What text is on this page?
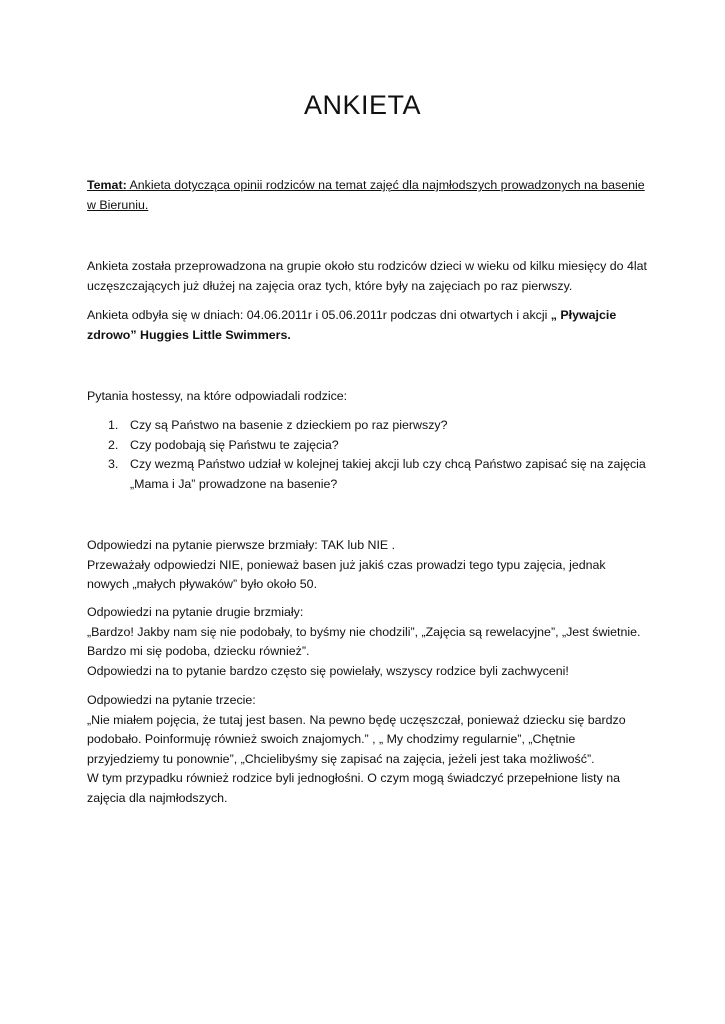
ANKIETA

Temat: Ankieta dotycząca opinii rodziców na temat zajęć dla najmłodszych prowadzonych na basenie w Bieruniu.

Ankieta została przeprowadzona na grupie około stu rodziców dzieci w wieku od kilku miesięcy do 4lat uczęszczających już dłużej na zajęcia oraz tych, które były na zajęciach po raz pierwszy.

Ankieta odbyła się w dniach: 04.06.2011r i 05.06.2011r podczas dni otwartych i akcji „ Pływajcie zdrowo” Huggies Little Swimmers.

Pytania hostessy, na które odpowiadali rodzice:

1. Czy są Państwo na basenie z dzieckiem po raz pierwszy?
2. Czy podobają się Państwu te zajęcia?
3. Czy wezmą Państwo udział w kolejnej takiej akcji lub czy chcą Państwo zapisać się na zajęcia „Mama i Ja” prowadzone na basenie?
Odpowiedzi na pytanie pierwsze brzmiały: TAK lub NIE .
Przeważały odpowiedzi NIE, ponieważ basen już jakiś czas prowadzi tego typu zajęcia, jednak nowych „małych pływaków” było około 50.
Odpowiedzi na pytanie drugie brzmiały:
„Bardzo! Jakby nam się nie podobały, to byśmy nie chodzili”, „Zajęcia są rewelacyjne”, „Jest świetnie. Bardzo mi się podoba, dziecku również”.
Odpowiedzi na to pytanie bardzo często się powielały, wszyscy rodzice byli zachwyceni!
Odpowiedzi na pytanie trzecie:
„Nie miałem pojęcia, że tutaj jest basen. Na pewno będę uczęszczał, ponieważ dziecku się bardzo podobało. Poinformuję również swoich znajomych.” , „ My chodzimy regularnie”, „Chętnie przyjedziemy tu ponownie”, „Chcielibyśmy się zapisać na zajęcia, jeżeli jest taka możliwość”.
W tym przypadku również rodzice byli jednogłośni. O czym mogą świadczyć przepełnione listy na zajęcia dla najmłodszych.
